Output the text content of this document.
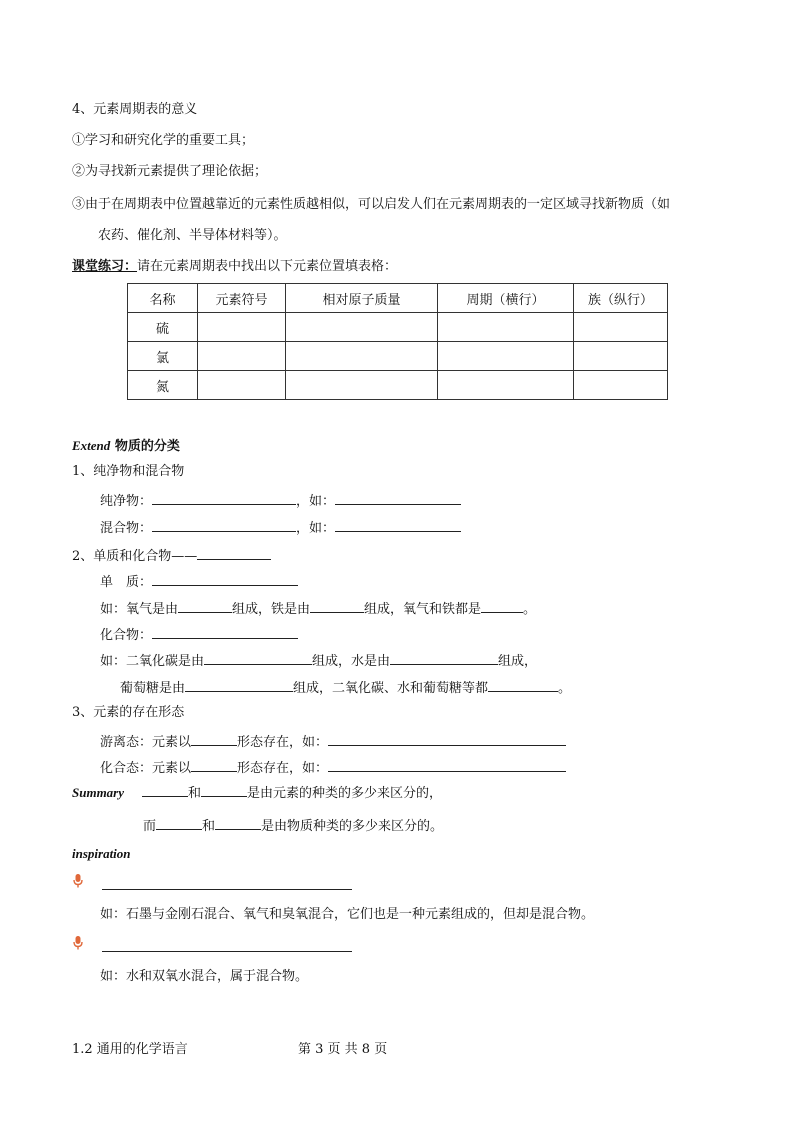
4、元素周期表的意义
①学习和研究化学的重要工具；
②为寻找新元素提供了理论依据；
③由于在周期表中位置越靠近的元素性质越相似，可以启发人们在元素周期表的一定区域寻找新物质（如
农药、催化剂、半导体材料等）。
课堂练习：请在元素周期表中找出以下元素位置填表格：
名称	元素符号	相对原子质量	周期（横行）	族（纵行）
硫				
氯				
氮				
Extend 物质的分类
1、纯净物和混合物
纯净物：	，如：
混合物：	，如：
2、单质和化合物——
单　质：
如：氧气是由	组成，铁是由	组成，氧气和铁都是	。
化合物：
如：二氧化碳是由	组成，水是由	组成，
葡萄糖是由	组成，二氧化碳、水和葡萄糖等都	。
3、元素的存在形态
游离态：元素以	形态存在，如：
化合态：元素以	形态存在，如：
Summary	和	是由元素的种类的多少来区分的，
而	和	是由物质种类的多少来区分的。
inspiration
如：石墨与金刚石混合、氧气和臭氧混合，它们也是一种元素组成的，但却是混合物。
如：水和双氧水混合，属于混合物。
1.2 通用的化学语言	第 3 页 共 8 页
